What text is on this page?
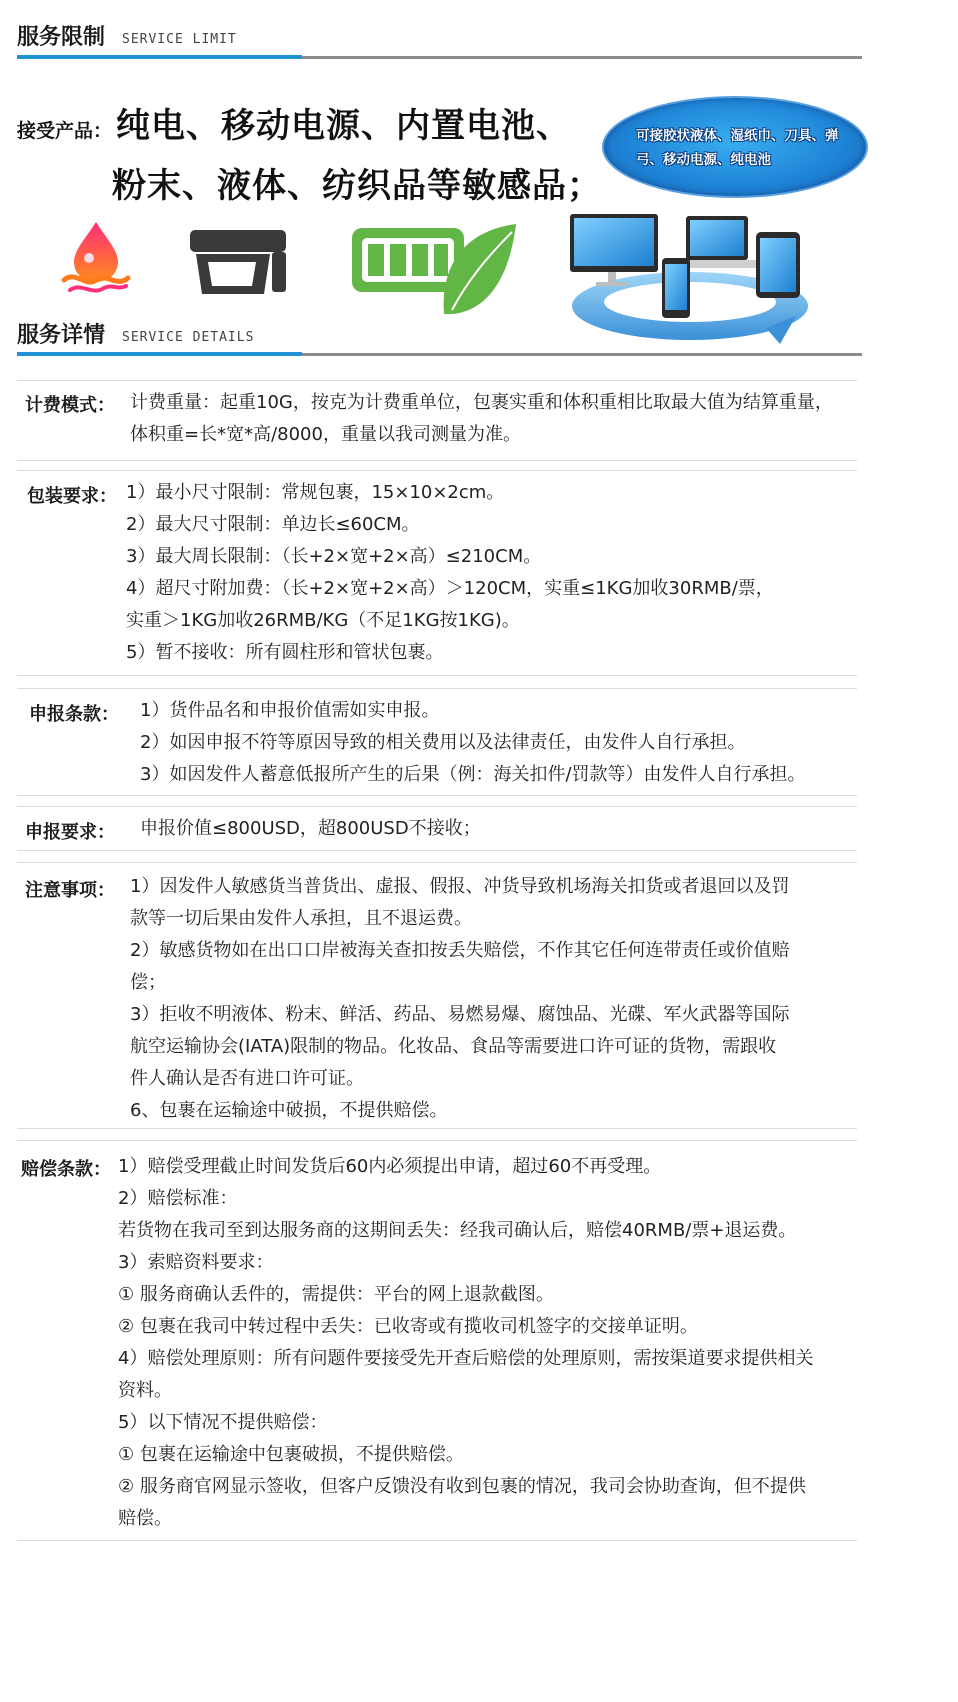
服务限制 SERVICE LIMIT
接受产品： 纯电、移动电源、内置电池、
粉末、液体、纺织品等敏感品；
可接胶状液体、湿纸巾、刀具、弹
弓、移动电源、纯电池
服务详情 SERVICE DETAILS
计费模式： 计费重量：起重10G，按克为计费重单位，包裹实重和体积重相比取最大值为结算重量，
体积重=长*宽*高/8000，重量以我司测量为准。
包装要求： 1）最小尺寸限制：常规包裹，15×10×2cm。
2）最大尺寸限制：单边长≤60CM。
3）最大周长限制：（长+2×宽+2×高）≤210CM。
4）超尺寸附加费：（长+2×宽+2×高）＞120CM，实重≤1KG加收30RMB/票，
实重＞1KG加收26RMB/KG（不足1KG按1KG)。
5）暂不接收：所有圆柱形和管状包裹。
申报条款： 1）货件品名和申报价值需如实申报。
2）如因申报不符等原因导致的相关费用以及法律责任，由发件人自行承担。
3）如因发件人蓄意低报所产生的后果（例：海关扣件/罚款等）由发件人自行承担。
申报要求： 申报价值≤800USD，超800USD不接收；
注意事项： 1）因发件人敏感货当普货出、虚报、假报、冲货导致机场海关扣货或者退回以及罚
款等一切后果由发件人承担，且不退运费。
2）敏感货物如在出口口岸被海关查扣按丢失赔偿，不作其它任何连带责任或价值赔
偿；
3）拒收不明液体、粉末、鲜活、药品、易燃易爆、腐蚀品、光碟、军火武器等国际
航空运输协会(IATA)限制的物品。化妆品、食品等需要进口许可证的货物，需跟收
件人确认是否有进口许可证。
6、包裹在运输途中破损，不提供赔偿。
赔偿条款： 1）赔偿受理截止时间发货后60内必须提出申请，超过60不再受理。
2）赔偿标准：
若货物在我司至到达服务商的这期间丢失：经我司确认后，赔偿40RMB/票+退运费。
3）索赔资料要求：
① 服务商确认丢件的，需提供：平台的网上退款截图。
② 包裹在我司中转过程中丢失：已收寄或有揽收司机签字的交接单证明。
4）赔偿处理原则：所有问题件要接受先开查后赔偿的处理原则，需按渠道要求提供相关
资料。
5）以下情况不提供赔偿：
① 包裹在运输途中包裹破损，不提供赔偿。
② 服务商官网显示签收，但客户反馈没有收到包裹的情况，我司会协助查询，但不提供
赔偿。
